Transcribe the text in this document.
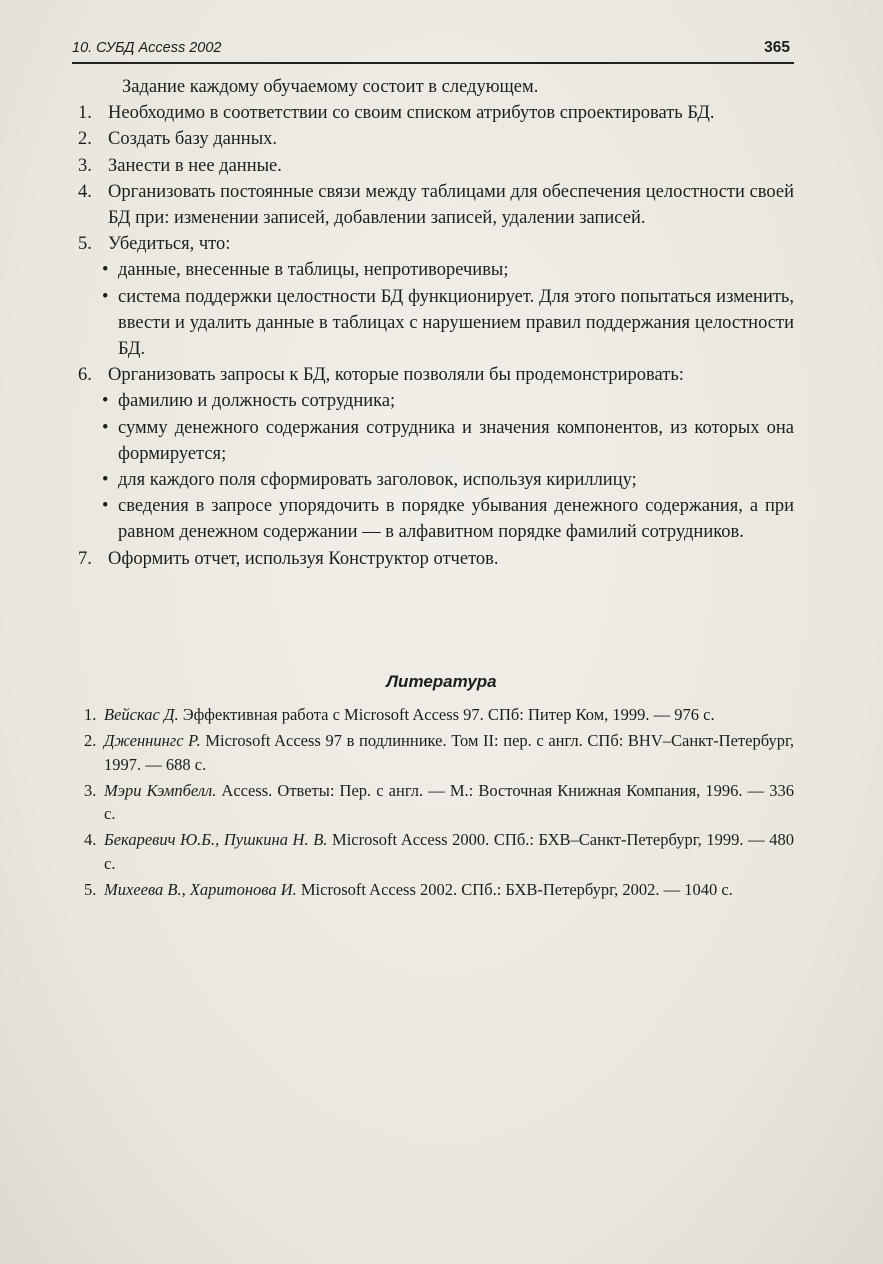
10. СУБД Access 2002	365

Задание каждому обучаемому состоит в следующем.

1. Необходимо в соответствии со своим списком атрибутов спроектировать БД.

2. Создать базу данных.

3. Занести в нее данные.

4. Организовать постоянные связи между таблицами для обеспечения целостности своей БД при: изменении записей, добавлении записей, удалении записей.

5. Убедиться, что:

• данные, внесенные в таблицы, непротиворечивы;

• система поддержки целостности БД функционирует. Для этого попытаться изменить, ввести и удалить данные в таблицах с нарушением правил поддержания целостности БД.

6. Организовать запросы к БД, которые позволяли бы продемонстрировать:

• фамилию и должность сотрудника;

• сумму денежного содержания сотрудника и значения компонентов, из которых она формируется;

• для каждого поля сформировать заголовок, используя кириллицу;

• сведения в запросе упорядочить в порядке убывания денежного содержания, а при равном денежном содержании — в алфавитном порядке фамилий сотрудников.

7. Оформить отчет, используя Конструктор отчетов.

Литература

1. Вейскас Д. Эффективная работа с Microsoft Access 97. СПб: Питер Ком, 1999. — 976 с.

2. Дженнингс Р. Microsoft Access 97 в подлиннике. Том II: пер. с англ. СПб: BHV–Санкт-Петербург, 1997. — 688 с.

3. Мэри Кэмпбелл. Access. Ответы: Пер. с англ. — М.: Восточная Книжная Компания, 1996. — 336 с.

4. Бекаревич Ю.Б., Пушкина Н. В. Microsoft Access 2000. СПб.: БХВ–Санкт-Петербург, 1999. — 480 с.

5. Михеева В., Харитонова И. Microsoft Access 2002. СПб.: БХВ-Петербург, 2002. — 1040 с.
